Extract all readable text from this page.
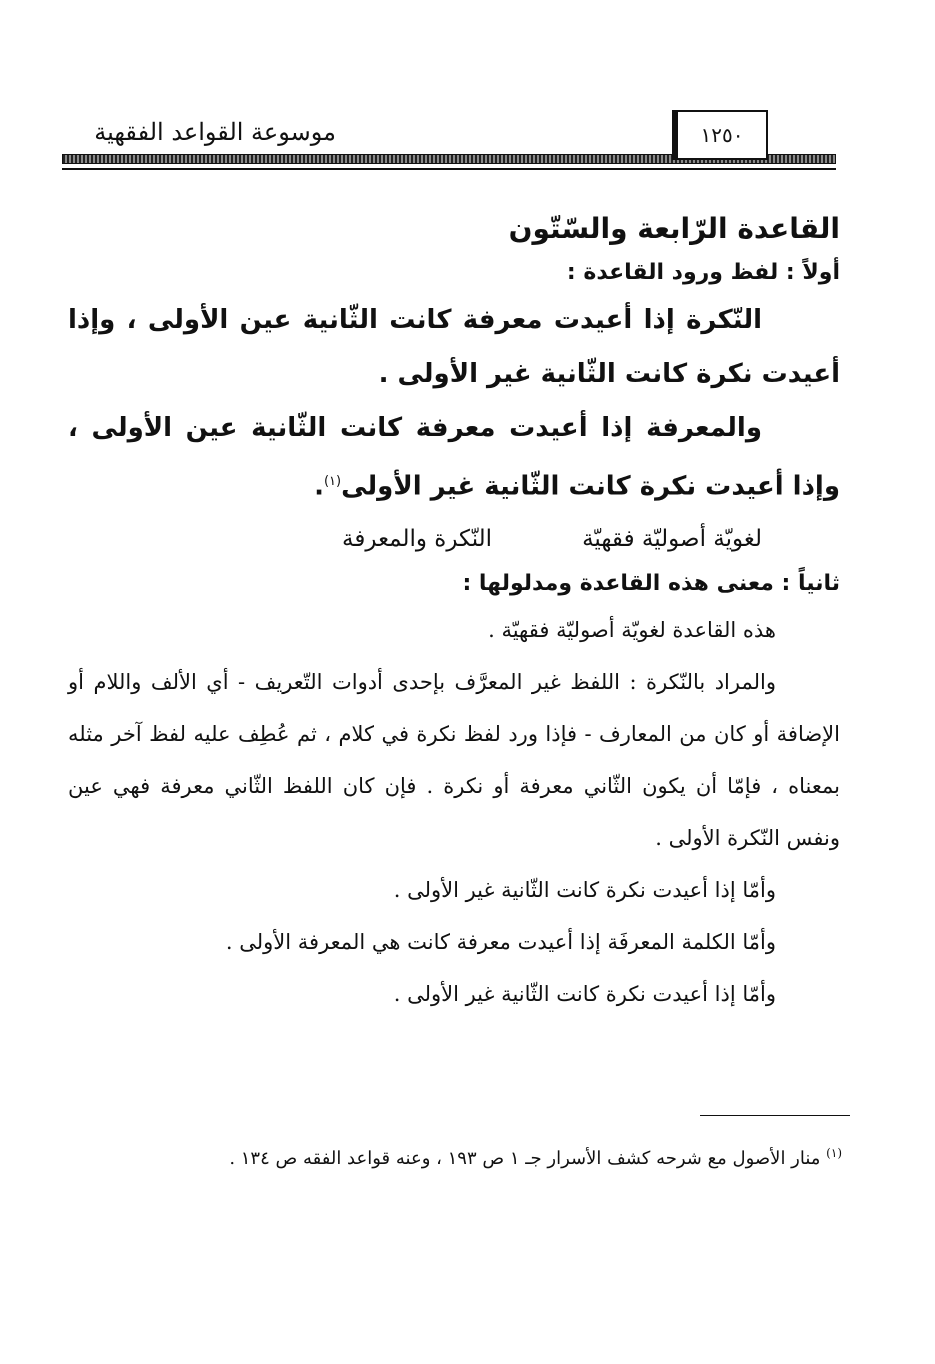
موسوعة القواعد الفقهية	١٢٥٠
القاعدة الرّابعة والسّتّون
أولاً : لفظ ورود القاعدة :

النّكرة إذا أعيدت معرفة كانت الثّانية عين الأولى ، وإذا أعيدت نكرة كانت الثّانية غير الأولى .

والمعرفة إذا أعيدت معرفة كانت الثّانية عين الأولى ، وإذا أعيدت نكرة كانت الثّانية غير الأولى$^{(١)}$.

لغويّة أصوليّة فقهيّة
النّكرة والمعرفة
ثانياً : معنى هذه القاعدة ومدلولها :

هذه القاعدة لغويّة أصوليّة فقهيّة .

والمراد بالنّكرة : اللفظ غير المعرَّف بإحدى أدوات التّعريف - أي الألف واللام أو الإضافة أو كان من المعارف - فإذا ورد لفظ نكرة في كلام ، ثم عُطِف عليه لفظ آخر مثله بمعناه ، فإمّا أن يكون الثّاني معرفة أو نكرة . فإن كان اللفظ الثّاني معرفة فهي عين ونفس النّكرة الأولى .

وأمّا إذا أعيدت نكرة كانت الثّانية غير الأولى .

وأمّا الكلمة المعرفَة إذا أعيدت معرفة كانت هي المعرفة الأولى .

وأمّا إذا أعيدت نكرة كانت الثّانية غير الأولى .

$^{(١)}$ منار الأصول مع شرحه كشف الأسرار جـ ١ ص ١٩٣ ، وعنه قواعد الفقه ص ١٣٤ .
